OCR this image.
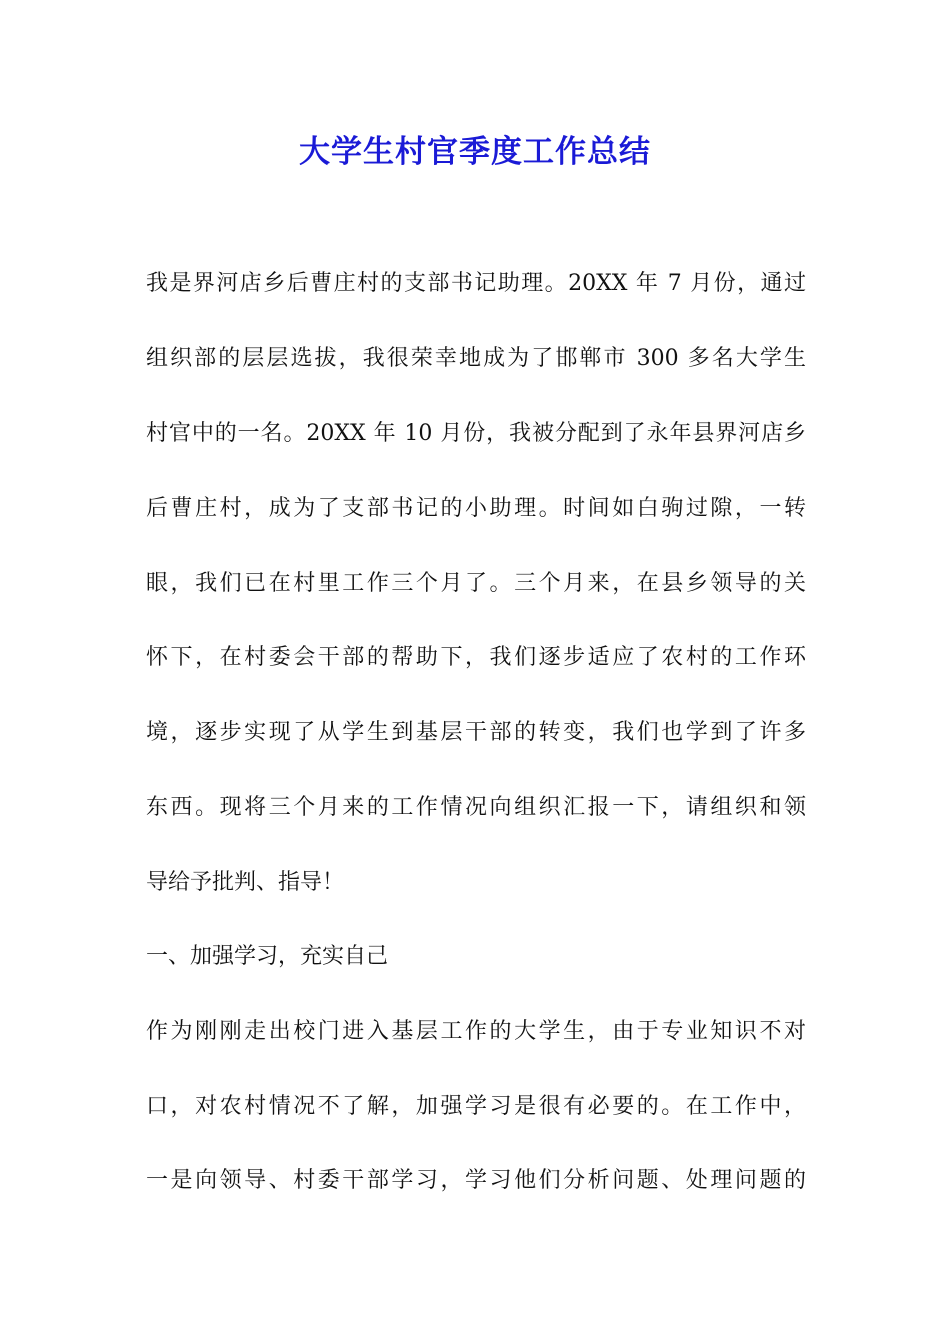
大学生村官季度工作总结
我是界河店乡后曹庄村的支部书记助理。20XX 年 7 月份，通过
组织部的层层选拔，我很荣幸地成为了邯郸市 300 多名大学生
村官中的一名。20XX 年 10 月份，我被分配到了永年县界河店乡
后曹庄村，成为了支部书记的小助理。时间如白驹过隙，一转
眼，我们已在村里工作三个月了。三个月来，在县乡领导的关
怀下，在村委会干部的帮助下，我们逐步适应了农村的工作环
境，逐步实现了从学生到基层干部的转变，我们也学到了许多
东西。现将三个月来的工作情况向组织汇报一下，请组织和领
导给予批判、指导！
一、加强学习，充实自己
作为刚刚走出校门进入基层工作的大学生，由于专业知识不对
口，对农村情况不了解，加强学习是很有必要的。在工作中，
一是向领导、村委干部学习，学习他们分析问题、处理问题的
